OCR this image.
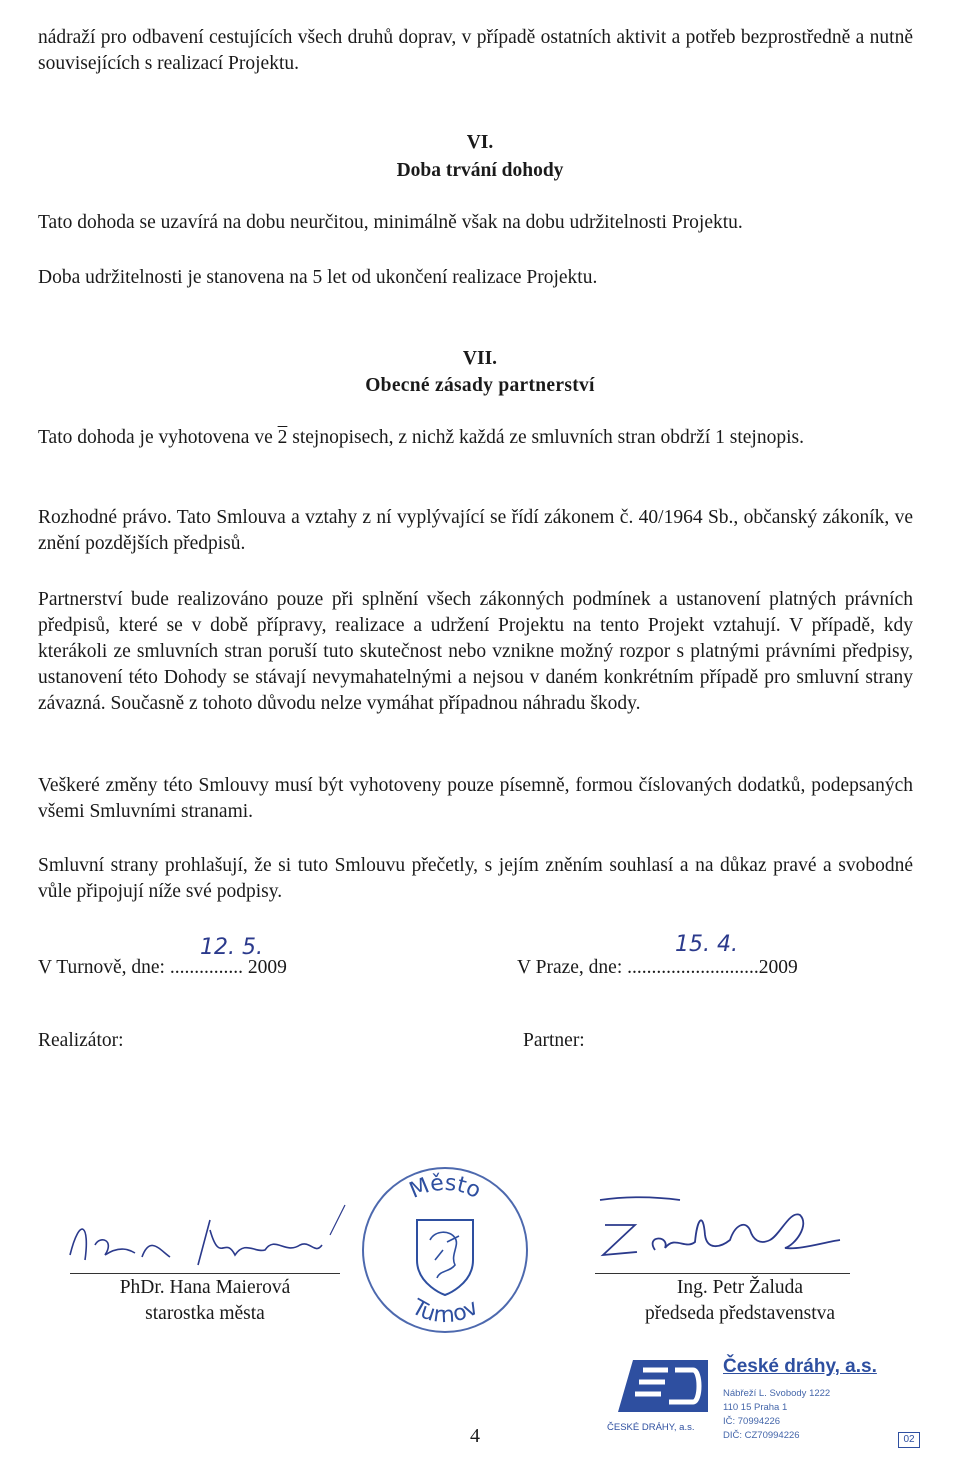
nádraží pro odbavení cestujících všech druhů doprav, v případě ostatních aktivit a potřeb bezprostředně a nutně souvisejících s realizací Projektu.

VI.
Doba trvání dohody

Tato dohoda se uzavírá na dobu neurčitou, minimálně však na dobu udržitelnosti Projektu.

Doba udržitelnosti je stanovena na 5 let od ukončení realizace Projektu.

VII.
Obecné zásady partnerství

Tato dohoda je vyhotovena ve 2 stejnopisech, z nichž každá ze smluvních stran obdrží 1 stejnopis.

Rozhodné právo. Tato Smlouva a vztahy z ní vyplývající se řídí zákonem č. 40/1964 Sb., občanský zákoník, ve znění pozdějších předpisů.

Partnerství bude realizováno pouze při splnění všech zákonných podmínek a ustanovení platných právních předpisů, které se v době přípravy, realizace a udržení Projektu na tento Projekt vztahují. V případě, kdy kterákoli ze smluvních stran poruší tuto skutečnost nebo vznikne možný rozpor s platnými právními předpisy, ustanovení této Dohody se stávají nevymahatelnými a nejsou v daném konkrétním případě pro smluvní strany závazná. Současně z tohoto důvodu nelze vymáhat případnou náhradu škody.

Veškeré změny této Smlouvy musí být vyhotoveny pouze písemně, formou číslovaných dodatků, podepsaných všemi Smluvními stranami.

Smluvní strany prohlašují, že si tuto Smlouvu přečetly, s jejím zněním souhlasí a na důkaz pravé a svobodné vůle připojují níže své podpisy.

V Turnově, dne: ............... 2009
12. 5.
V Praze, dne: ...........................2009
15. 4.
Realizátor:	Partner:
PhDr. Hana Maierová
starostka města
Město
Turnov
Ing. Petr Žaluda
předseda představenstva
ČESKÉ DRÁHY, a.s.
České dráhy, a.s.
Nábřeží L. Svobody 1222
110 15 Praha 1
IČ: 70994226
DIČ: CZ70994226	02
4
